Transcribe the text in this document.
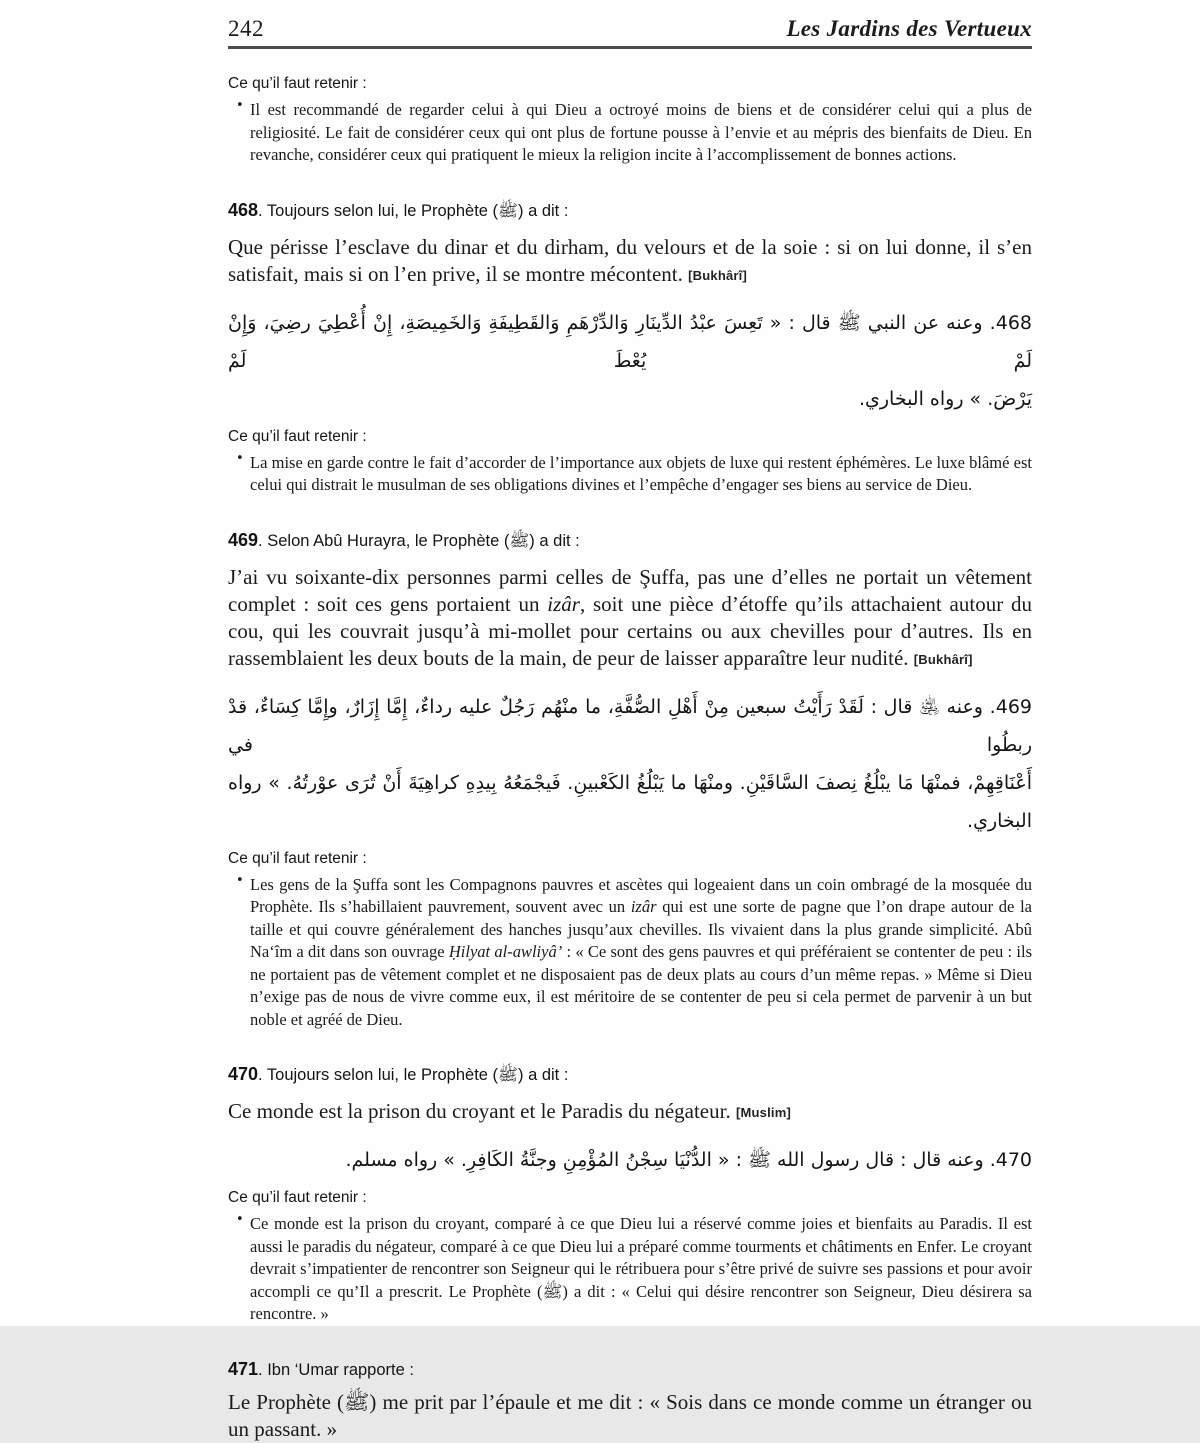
242	Les Jardins des Vertueux
Ce qu’il faut retenir :
• Il est recommandé de regarder celui à qui Dieu a octroyé moins de biens et de considérer celui qui a plus de religiosité. Le fait de considérer ceux qui ont plus de fortune pousse à l’envie et au mépris des bienfaits de Dieu. En revanche, considérer ceux qui pratiquent le mieux la religion incite à l’accomplissement de bonnes actions.

468. Toujours selon lui, le Prophète (ﷺ) a dit :

Que périsse l’esclave du dinar et du dirham, du velours et de la soie : si on lui donne, il s’en satisfait, mais si on l’en prive, il se montre mécontent. [Bukhârî]

468. وعنه عن النبي ﷺ قال : « تَعِسَ عبْدُ الدِّينَارِ وَالدِّرْهَمِ وَالقَطِيفَةِ وَالخَمِيصَةِ، إِنْ أُعْطِيَ رضِيَ، وَإِنْ لَمْ يُعْطَ لَمْ
يَرْضَ. » رواه البخاري.
Ce qu’il faut retenir :
• La mise en garde contre le fait d’accorder de l’importance aux objets de luxe qui restent éphémères. Le luxe blâmé est celui qui distrait le musulman de ses obligations divines et l’empêche d’engager ses biens au service de Dieu.

469. Selon Abû Hurayra, le Prophète (ﷺ) a dit :

J’ai vu soixante-dix personnes parmi celles de Şuffa, pas une d’elles ne portait un vêtement complet : soit ces gens portaient un izâr, soit une pièce d’étoffe qu’ils attachaient autour du cou, qui les couvrait jusqu’à mi-mollet pour certains ou aux chevilles pour d’autres. Ils en rassemblaient les deux bouts de la main, de peur de laisser apparaître leur nudité. [Bukhârî]

469. وعنه ﵁ قال : لَقَدْ رَأَيْتُ سبعين مِنْ أَهْلِ الصُّفَّةِ، ما منْهُم رَجُلٌ عليه رداءٌ، إِمَّا إِزَارٌ، وإِمَّا كِسَاءٌ، قدْ ربطُوا في
أَعْنَاقِهِمْ، فمنْهَا مَا يبْلُغُ نِصفَ السَّاقَيْنِ. ومنْهَا ما يَبْلُغُ الكَعْبينِ. فَيجْمَعُهُ بِيدِهِ كراهِيَةَ أَنْ تُرَى عوْرتُهُ. » رواه البخاري.
Ce qu’il faut retenir :
• Les gens de la Şuffa sont les Compagnons pauvres et ascètes qui logeaient dans un coin ombragé de la mosquée du Prophète. Ils s’habillaient pauvrement, souvent avec un izâr qui est une sorte de pagne que l’on drape autour de la taille et qui couvre généralement des hanches jusqu’aux chevilles. Ils vivaient dans la plus grande simplicité. Abû Na‘îm a dit dans son ouvrage Ḥilyat al-awliyâ’ : « Ce sont des gens pauvres et qui préféraient se contenter de peu : ils ne portaient pas de vêtement complet et ne disposaient pas de deux plats au cours d’un même repas. » Même si Dieu n’exige pas de nous de vivre comme eux, il est méritoire de se contenter de peu si cela permet de parvenir à un but noble et agréé de Dieu.

470. Toujours selon lui, le Prophète (ﷺ) a dit :

Ce monde est la prison du croyant et le Paradis du négateur. [Muslim]

470. وعنه قال : قال رسول الله ﷺ : « الدُّنْيَا سِجْنُ المُؤْمِنِ وجنَّةُ الكَافِرِ. » رواه مسلم.
Ce qu’il faut retenir :
• Ce monde est la prison du croyant, comparé à ce que Dieu lui a réservé comme joies et bienfaits au Paradis. Il est aussi le paradis du négateur, comparé à ce que Dieu lui a préparé comme tourments et châtiments en Enfer. Le croyant devrait s’impatienter de rencontrer son Seigneur qui le rétribuera pour s’être privé de suivre ses passions et pour avoir accompli ce qu’Il a prescrit. Le Prophète (ﷺ) a dit : « Celui qui désire rencontrer son Seigneur, Dieu désirera sa rencontre. »

471. Ibn ‘Umar rapporte :

Le Prophète (ﷺ) me prit par l’épaule et me dit : « Sois dans ce monde comme un étranger ou un passant. »
